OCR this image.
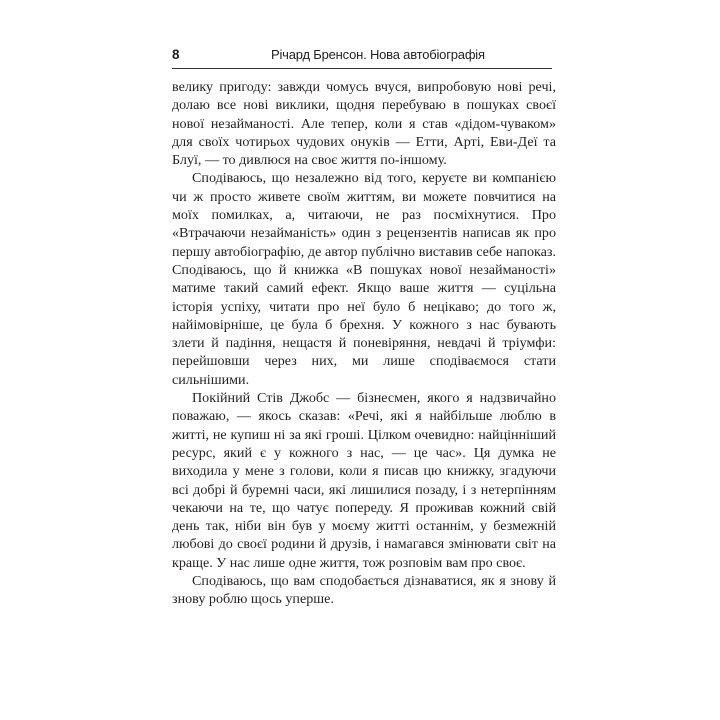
8	Річард Бренсон. Нова автобіографія

велику пригоду: завжди чомусь вчуся, випробовую нові речі, долаю все нові виклики, щодня перебуваю в пошуках своєї нової незайманості. Але тепер, коли я став «дідом-чуваком» для своїх чотирьох чудових онуків — Етти, Арті, Еви-Деї та Блуї, — то дивлюся на своє життя по-іншому.

Сподіваюсь, що незалежно від того, керуєте ви компанією чи ж просто живете своїм життям, ви можете повчитися на моїх помилках, а, читаючи, не раз посміхнутися. Про «Втрачаючи незайманість» один з рецензентів написав як про першу автобіографію, де автор публічно виставив себе напоказ. Сподіваюсь, що й книжка «В пошуках нової незайманості» матиме такий самий ефект. Якщо ваше життя — суцільна історія успіху, читати про неї було б нецікаво; до того ж, найімовірніше, це була б брехня. У кожного з нас бувають злети й падіння, нещастя й поневіряння, невдачі й тріумфи: перейшовши через них, ми лише сподіваємося стати сильнішими.

Покійний Стів Джобс — бізнесмен, якого я надзвичайно поважаю, — якось сказав: «Речі, які я найбільше люблю в житті, не купиш ні за які гроші. Цілком очевидно: найцінніший ресурс, який є у кожного з нас, — це час». Ця думка не виходила у мене з голови, коли я писав цю книжку, згадуючи всі добрі й буремні часи, які лишилися позаду, і з нетерпінням чекаючи на те, що чатує попереду. Я проживав кожний свій день так, ніби він був у моєму житті останнім, у безмежній любові до своєї родини й друзів, і намагався змінювати світ на краще. У нас лише одне життя, тож розповім вам про своє.

Сподіваюсь, що вам сподобається дізнаватися, як я знову й знову роблю щось уперше.
